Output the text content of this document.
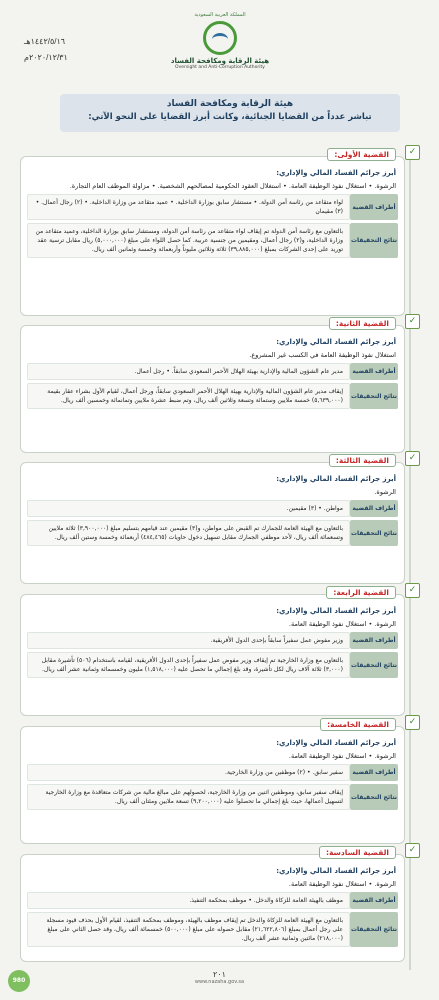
١٤٤٢/٥/١٦هـ
٢٠٢٠/١٢/٣١م
المملكة العربية السعودية
هيئة الرقابة ومكافحة الفساد
Oversight and Anti-Corruption Authority
هيئة الرقابة ومكافحة الفساد
تباشر عدداً من القضايا الجنائية، وكانت أبرز القضايا على النحو الآتي:
✓
القضية الأولى:
أبرز جرائم الفساد المالي والإداري:
الرشوة. • استغلال نفوذ الوظيفة العامة. • استغلال العقود الحكومية لمصالحهم الشخصية. • مزاولة الموظف العام التجارة.
أطراف القضية
لواء متقاعد من رئاسة أمن الدولة. • مستشار سابق بوزارة الداخلية. • عميد متقاعد من وزارة الداخلية. • (٢) رجال أعمال. • (٣) مقيمان
نتائج التحقيقات
بالتعاون مع رئاسة أمن الدولة تم إيقاف لواء متقاعد من رئاسة أمن الدولة، ومستشار سابق بوزارة الداخلية، وعميد متقاعد من وزارة الداخلية، و(٢) رجال أعمال، ومقيمين من جنسية عربية. كما حصل اللواء على مبلغ (٥,٠٠٠,٠٠٠) ريال مقابل ترسية عقد توريد على إحدى الشركات بمبلغ (٣٩,٨٨٥,٠٠٠) ثلاثة وثلاثين مليوناً وأربعمائة وخمسة وثمانين ألف ريال.
✓
القضية الثانية:
أبرز جرائم الفساد المالي والإداري:
استغلال نفوذ الوظيفة العامة في الكسب غير المشروع.
أطراف القضية
مدير عام الشؤون المالية والإدارية بهيئة الهلال الأحمر السعودي سابقاً. • رجل أعمال.
نتائج التحقيقات
إيقاف مدير عام الشؤون المالية والإدارية بهيئة الهلال الأحمر السعودي سابقاً، ورجل أعمال، لقيام الأول بشراء عقار بقيمة (٥,٦٣٩,٠٠٠) خمسة ملايين وستمائة وتسعة وثلاثين ألف ريال، وتم ضبط عشرة ملايين وتمانمائة وخمسين ألف ريال.
✓
القضية الثالثة:
أبرز جرائم الفساد المالي والإداري:
الرشوة.
أطراف القضية
مواطن. • (٣) مقيمين.
نتائج التحقيقات
بالتعاون مع الهيئة العامة للجمارك تم القبض على مواطن، و(٣) مقيمين عند قيامهم بتسليم مبلغ (٣,٩٠٠,٠٠٠) ثلاثة ملايين وتسعمائة ألف ريال، لأحد موظفي الجمارك مقابل تسهيل دخول حاويات (٤٨٤,٤٦٥) أربعمائة وخمسة وستين ألف ريال.
✓
القضية الرابعة:
أبرز جرائم الفساد المالي والإداري:
الرشوة. • استغلال نفوذ الوظيفة العامة.
أطراف القضية
وزير مفوض عمل سفيراً سابقاً بإحدى الدول الأفريقية.
نتائج التحقيقات
بالتعاون مع وزارة الخارجية تم إيقاف وزير مفوض عمل سفيراً بإحدى الدول الأفريقية، لقيامه باستخدام (٥٠٦) تأشيرة مقابل (٣,٠٠٠) ثلاثة آلاف ريال لكل تأشيرة، وقد بلغ إجمالي ما تحصل عليه (١,٥١٨,٠٠٠) مليون وخمسمائة وثمانية عشر ألف ريال.
✓
القضية الخامسة:
أبرز جرائم الفساد المالي والإداري:
الرشوة. • استغلال نفوذ الوظيفة العامة.
أطراف القضية
سفير سابق. • (٢) موظفين من وزارة الخارجية.
نتائج التحقيقات
إيقاف سفير سابق، وموظفين اثنين من وزارة الخارجية، لحصولهم على مبالغ مالية من شركات متعاقدة مع وزارة الخارجية لتسهيل أعمالها، حيث بلغ إجمالي ما تحصلوا عليه (٩,٢٠٠,٠٠٠) تسعة ملايين ومئتان ألف ريال.
✓
القضية السادسة:
أبرز جرائم الفساد المالي والإداري:
الرشوة. • استغلال نفوذ الوظيفة العامة.
أطراف القضية
موظف بالهيئة العامة للزكاة والدخل. • موظف بمحكمة التنفيذ.
نتائج التحقيقات
بالتعاون مع الهيئة العامة للزكاة والدخل تم إيقاف موظف بالهيئة، وموظف بمحكمة التنفيذ، لقيام الأول بحذف قيود مسجلة على رجل أعمال بمبلغ (٢١,٦٢٢,٨٠٦) مقابل حصوله على مبلغ (٥٠٠,٠٠٠) خمسمائة ألف ريال، وقد حصل الثاني على مبلغ (٢١٨,٠٠٠) مائتين وثمانية عشر ألف ريال.
980
٢٠١
www.nazaha.gov.sa
